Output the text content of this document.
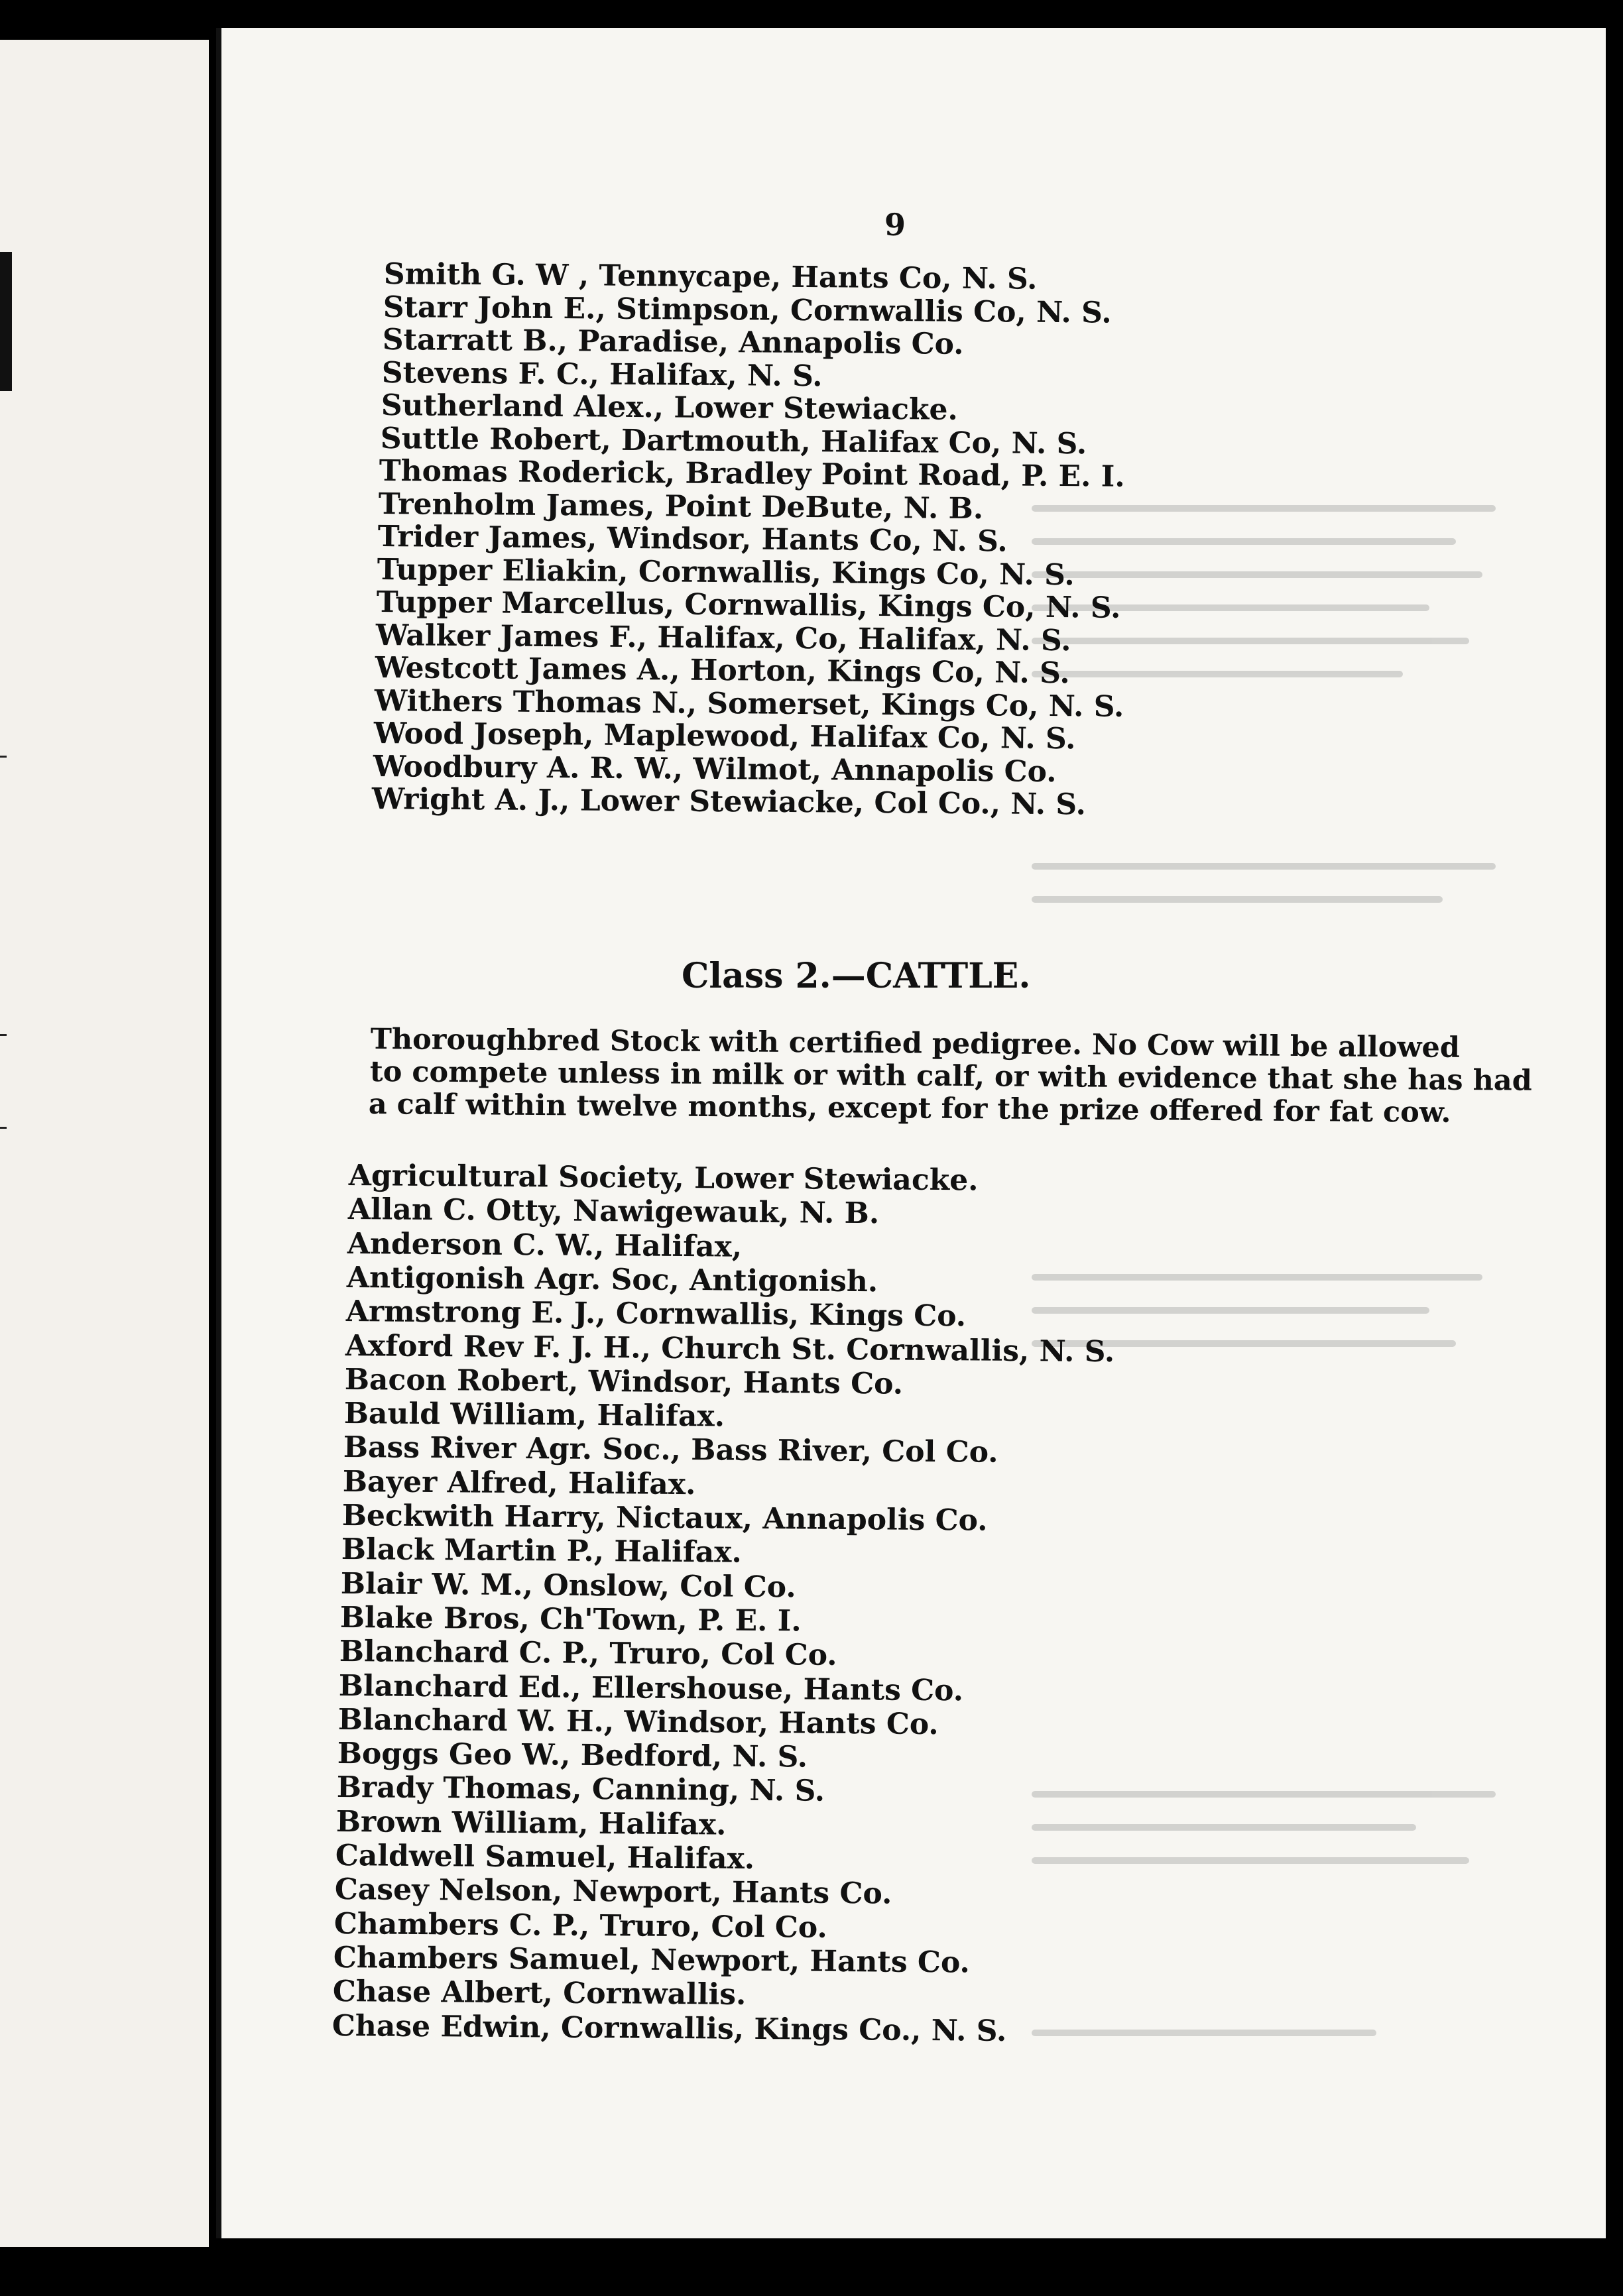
9
Smith G. W , Tennycape, Hants Co, N. S.
Starr John E., Stimpson, Cornwallis Co, N. S.
Starratt B., Paradise, Annapolis Co.
Stevens F. C., Halifax, N. S.
Sutherland Alex., Lower Stewiacke.
Suttle Robert, Dartmouth, Halifax Co, N. S.
Thomas Roderick, Bradley Point Road, P. E. I.
Trenholm James, Point DeBute, N. B.
Trider James, Windsor, Hants Co, N. S.
Tupper Eliakin, Cornwallis, Kings Co, N. S.
Tupper Marcellus, Cornwallis, Kings Co, N. S.
Walker James F., Halifax, Co, Halifax, N. S.
Westcott James A., Horton, Kings Co, N. S.
Withers Thomas N., Somerset, Kings Co, N. S.
Wood Joseph, Maplewood, Halifax Co, N. S.
Woodbury A. R. W., Wilmot, Annapolis Co.
Wright A. J., Lower Stewiacke, Col Co., N. S.
Class 2.—CATTLE.
Thoroughbred Stock with certified pedigree. No Cow will be allowed
to compete unless in milk or with calf, or with evidence that she has had
a calf within twelve months, except for the prize offered for fat cow.
Agricultural Society, Lower Stewiacke.
Allan C. Otty, Nawigewauk, N. B.
Anderson C. W., Halifax,
Antigonish Agr. Soc, Antigonish.
Armstrong E. J., Cornwallis, Kings Co.
Axford Rev F. J. H., Church St. Cornwallis, N. S.
Bacon Robert, Windsor, Hants Co.
Bauld William, Halifax.
Bass River Agr. Soc., Bass River, Col Co.
Bayer Alfred, Halifax.
Beckwith Harry, Nictaux, Annapolis Co.
Black Martin P., Halifax.
Blair W. M., Onslow, Col Co.
Blake Bros, Ch'Town, P. E. I.
Blanchard C. P., Truro, Col Co.
Blanchard Ed., Ellershouse, Hants Co.
Blanchard W. H., Windsor, Hants Co.
Boggs Geo W., Bedford, N. S.
Brady Thomas, Canning, N. S.
Brown William, Halifax.
Caldwell Samuel, Halifax.
Casey Nelson, Newport, Hants Co.
Chambers C. P., Truro, Col Co.
Chambers Samuel, Newport, Hants Co.
Chase Albert, Cornwallis.
Chase Edwin, Cornwallis, Kings Co., N. S.
